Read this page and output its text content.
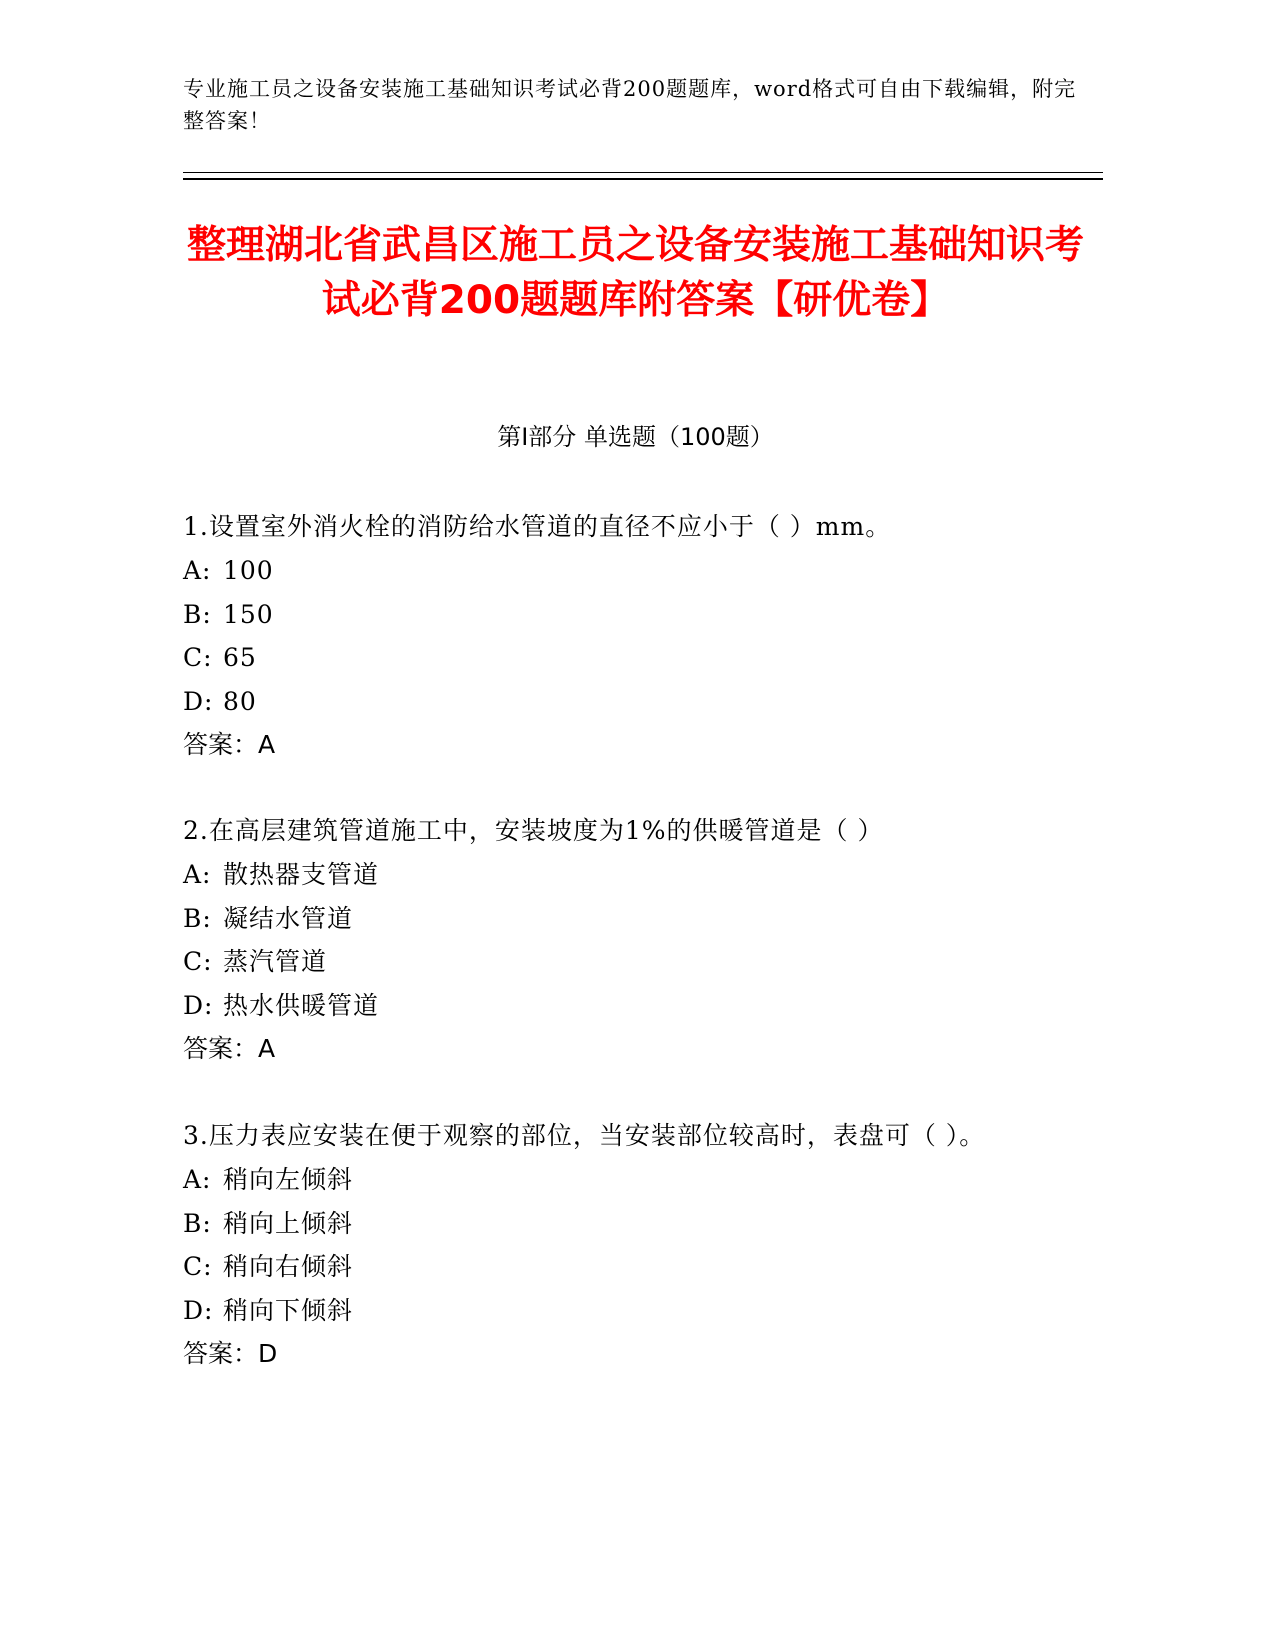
专业施工员之设备安装施工基础知识考试必背200题题库，word格式可自由下载编辑，附完整答案！
整理湖北省武昌区施工员之设备安装施工基础知识考试必背200题题库附答案【研优卷】
第I部分 单选题（100题）
1.设置室外消火栓的消防给水管道的直径不应小于（ ）mm。
A: 100
B: 150
C: 65
D: 80
答案：A
2.在高层建筑管道施工中，安装坡度为1%的供暖管道是（ ）
A: 散热器支管道
B: 凝结水管道
C: 蒸汽管道
D: 热水供暖管道
答案：A
3.压力表应安装在便于观察的部位，当安装部位较高时，表盘可（ ）。
A: 稍向左倾斜
B: 稍向上倾斜
C: 稍向右倾斜
D: 稍向下倾斜
答案：D
